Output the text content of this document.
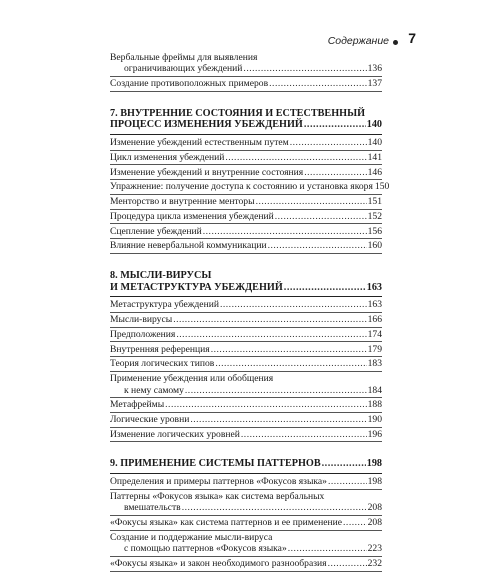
Содержание 7
Вербальные фреймы для выявления
ограничивающих убеждений .....	136
Создание противоположных примеров .....	137
7. ВНУТРЕННИЕ СОСТОЯНИЯ И ЕСТЕСТВЕННЫЙ
ПРОЦЕСС ИЗМЕНЕНИЯ УБЕЖДЕНИЙ .....	140
Изменение убеждений естественным путем .....	140
Цикл изменения убеждений .....	141
Изменение убеждений и внутренние состояния .....	146
Упражнение: получение доступа к состоянию и установка якоря 150
Менторство и внутренние менторы .....	151
Процедура цикла изменения убеждений .....	152
Сцепление убеждений .....	156
Влияние невербальной коммуникации .....	160
8. МЫСЛИ-ВИРУСЫ
И МЕТАСТРУКТУРА УБЕЖДЕНИЙ .....	163
Метаструктура убеждений .....	163
Мысли-вирусы .....	166
Предположения .....	174
Внутренняя референция .....	179
Теория логических типов .....	183
Применение убеждения или обобщения
к нему самому .....	184
Метафреймы .....	188
Логические уровни .....	190
Изменение логических уровней .....	196
9. ПРИМЕНЕНИЕ СИСТЕМЫ ПАТТЕРНОВ .....	198
Определения и примеры паттернов «Фокусов языка» .....	198
Паттерны «Фокусов языка» как система вербальных
вмешательств .....	208
«Фокусы языка» как система паттернов и ее применение .....	208
Создание и поддержание мысли-вируса
с помощью паттернов «Фокусов языка» .....	223
«Фокусы языка» и закон необходимого разнообразия .....	232
